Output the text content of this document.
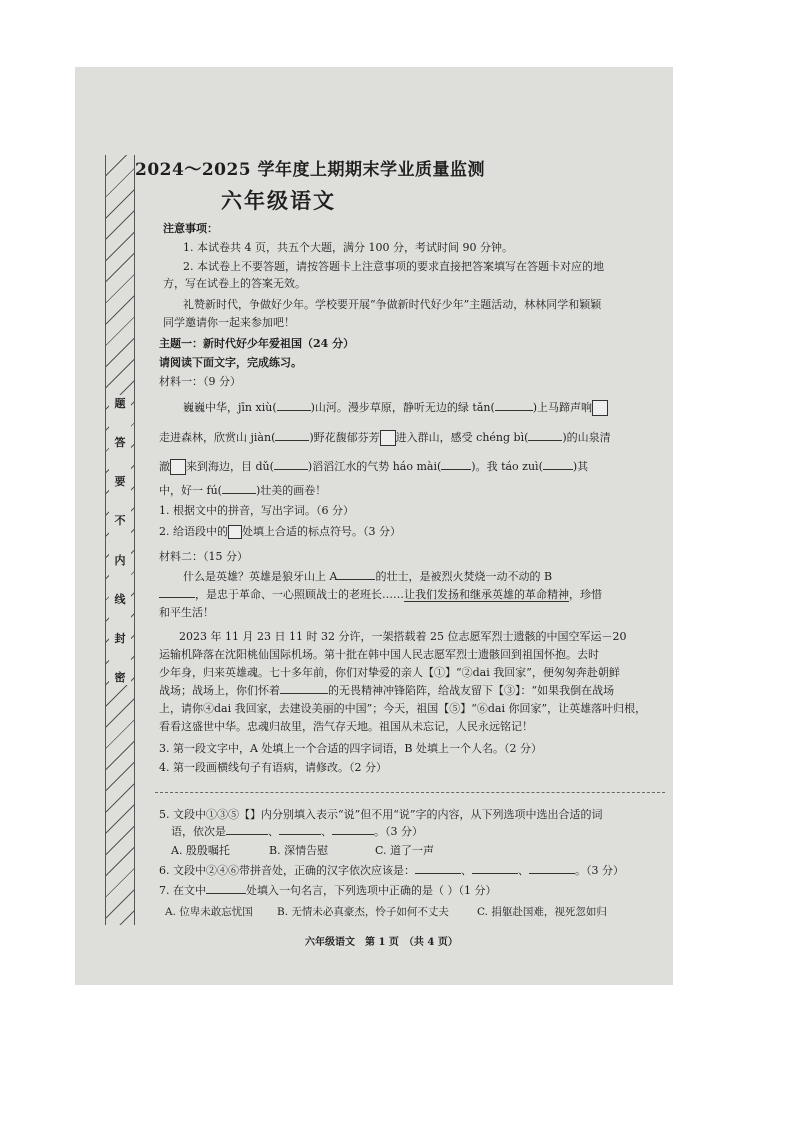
题
答
要
不
内
线
封
密
2024～2025 学年度上期期末学业质量监测
六年级语文
注意事项：
1. 本试卷共 4 页，共五个大题，满分 100 分，考试时间 90 分钟。
2. 本试卷上不要答题，请按答题卡上注意事项的要求直接把答案填写在答题卡对应的地
方，写在试卷上的答案无效。
礼赞新时代，争做好少年。学校要开展“争做新时代好少年”主题活动，林林同学和颖颖
同学邀请你一起来参加吧！
主题一：新时代好少年爱祖国（24 分）
请阅读下面文字，完成练习。
材料一：（9 分）
巍巍中华，jīn xiù(	)山河。漫步草原，静听无边的绿 tǎn(	)上马蹄声响
走进森林，欣赏山 jiàn(	)野花馥郁芬芳 进入群山，感受 chéng bì(	)的山泉清
澈 来到海边，目 dǔ(	)滔滔江水的气势 háo mài(	)。我 táo zuì(	)其
中，好一 fú(	)壮美的画卷！
1. 根据文中的拼音，写出字词。（6 分）
2. 给语段中的 处填上合适的标点符号。（3 分）
材料二：（15 分）
什么是英雄？英雄是狼牙山上 A	的壮士，是被烈火焚烧一动不动的 B
，是忠于革命、一心照顾战士的老班长……让我们发扬和继承英雄的革命精神，珍惜
和平生活！
2023 年 11 月 23 日 11 时 32 分许，一架搭载着 25 位志愿军烈士遗骸的中国空军运－20
运输机降落在沈阳桃仙国际机场。第十批在韩中国人民志愿军烈士遗骸回到祖国怀抱。去时
少年身，归来英雄魂。七十多年前，你们对挚爱的亲人【①】“②dai 我回家”，便匆匆奔赴朝鲜
战场；战场上，你们怀着	的无畏精神冲锋陷阵，给战友留下【③】：“如果我倒在战场
上，请你④dai 我回家，去建设美丽的中国”；今天，祖国【⑤】“⑥dai 你回家”，让英雄落叶归根，
看看这盛世中华。忠魂归故里，浩气存天地。祖国从未忘记，人民永远铭记！
3. 第一段文字中，A 处填上一个合适的四字词语，B 处填上一个人名。（2 分）
4. 第一段画横线句子有语病，请修改。（2 分）
5. 文段中①③⑤【】内分别填入表示“说”但不用“说”字的内容，从下列选项中选出合适的词
语，依次是	、	、	。（3 分）
A. 殷殷嘱托	B. 深情告慰	C. 道了一声
6. 文段中②④⑥带拼音处，正确的汉字依次应该是：	、	、	。（3 分）
7. 在文中	处填入一句名言，下列选项中正确的是（ ）（1 分）
A. 位卑未敢忘忧国 B. 无情未必真豪杰，怜子如何不丈夫	C. 捐躯赴国难，视死忽如归
六年级语文　第 1 页　（共 4 页）
